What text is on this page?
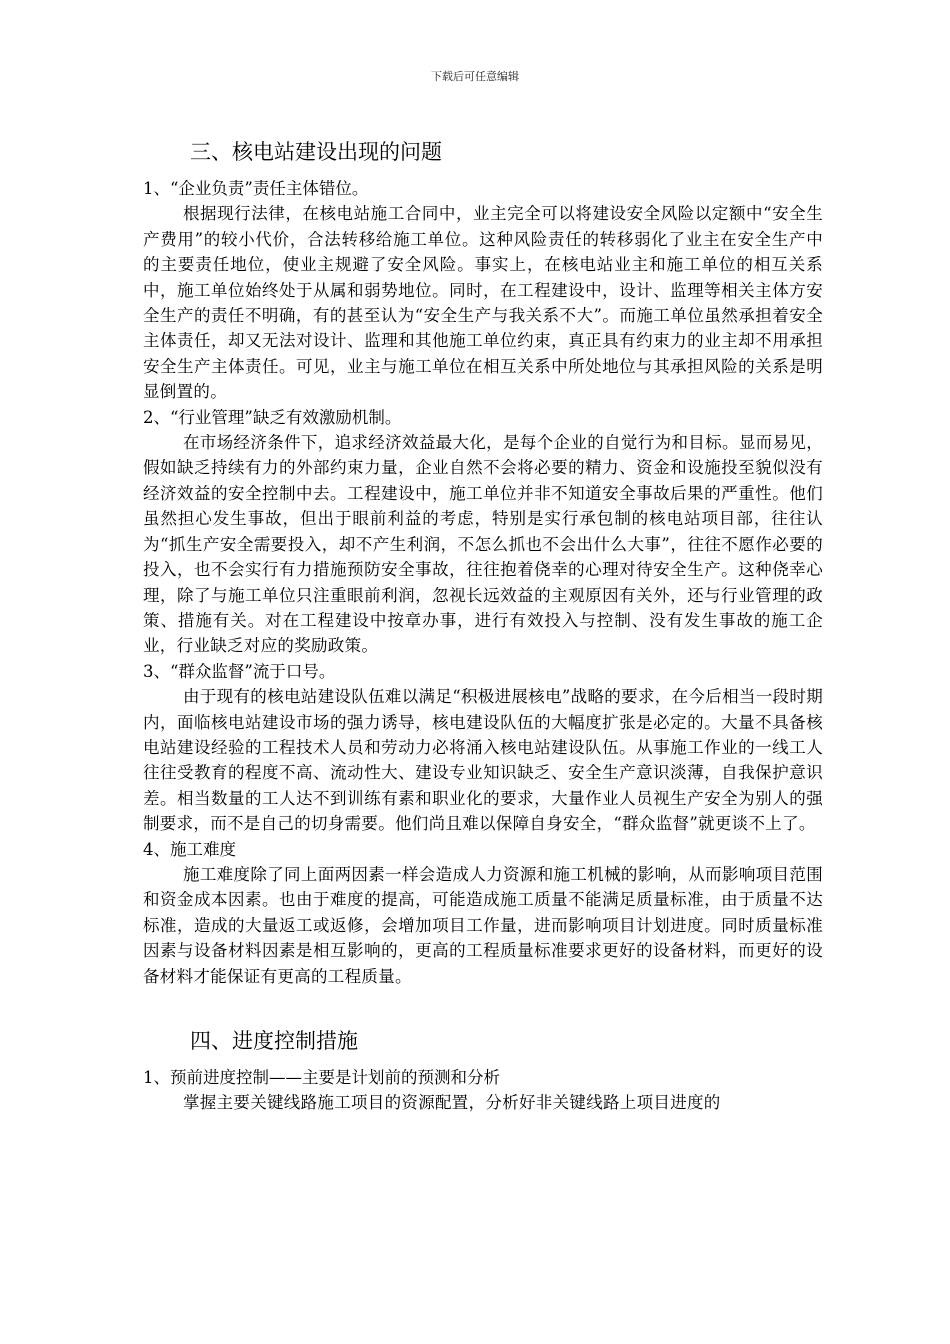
下载后可任意编辑
三、核电站建设出现的问题

1、“企业负责”责任主体错位。

根据现行法律，在核电站施工合同中，业主完全可以将建设安全风险以定额中“安全生产费用”的较小代价，合法转移给施工单位。这种风险责任的转移弱化了业主在安全生产中的主要责任地位，使业主规避了安全风险。事实上，在核电站业主和施工单位的相互关系中，施工单位始终处于从属和弱势地位。同时，在工程建设中，设计、监理等相关主体方安全生产的责任不明确，有的甚至认为“安全生产与我关系不大”。而施工单位虽然承担着安全主体责任，却又无法对设计、监理和其他施工单位约束，真正具有约束力的业主却不用承担安全生产主体责任。可见，业主与施工单位在相互关系中所处地位与其承担风险的关系是明显倒置的。

2、“行业管理”缺乏有效激励机制。

在市场经济条件下，追求经济效益最大化，是每个企业的自觉行为和目标。显而易见，假如缺乏持续有力的外部约束力量，企业自然不会将必要的精力、资金和设施投至貌似没有经济效益的安全控制中去。工程建设中，施工单位并非不知道安全事故后果的严重性。他们虽然担心发生事故，但出于眼前利益的考虑，特别是实行承包制的核电站项目部，往往认为“抓生产安全需要投入，却不产生利润，不怎么抓也不会出什么大事”，往往不愿作必要的投入，也不会实行有力措施预防安全事故，往往抱着侥幸的心理对待安全生产。这种侥幸心理，除了与施工单位只注重眼前利润，忽视长远效益的主观原因有关外，还与行业管理的政策、措施有关。对在工程建设中按章办事，进行有效投入与控制、没有发生事故的施工企业，行业缺乏对应的奖励政策。

3、“群众监督”流于口号。

由于现有的核电站建设队伍难以满足“积极进展核电”战略的要求，在今后相当一段时期内，面临核电站建设市场的强力诱导，核电建设队伍的大幅度扩张是必定的。大量不具备核电站建设经验的工程技术人员和劳动力必将涌入核电站建设队伍。从事施工作业的一线工人往往受教育的程度不高、流动性大、建设专业知识缺乏、安全生产意识淡薄，自我保护意识差。相当数量的工人达不到训练有素和职业化的要求，大量作业人员视生产安全为别人的强制要求，而不是自己的切身需要。他们尚且难以保障自身安全，“群众监督”就更谈不上了。

4、施工难度

施工难度除了同上面两因素一样会造成人力资源和施工机械的影响，从而影响项目范围和资金成本因素。也由于难度的提高，可能造成施工质量不能满足质量标准，由于质量不达标准，造成的大量返工或返修，会增加项目工作量，进而影响项目计划进度。同时质量标准因素与设备材料因素是相互影响的，更高的工程质量标准要求更好的设备材料，而更好的设备材料才能保证有更高的工程质量。

四、进度控制措施

1、预前进度控制——主要是计划前的预测和分析

掌握主要关键线路施工项目的资源配置，分析好非关键线路上项目进度的
